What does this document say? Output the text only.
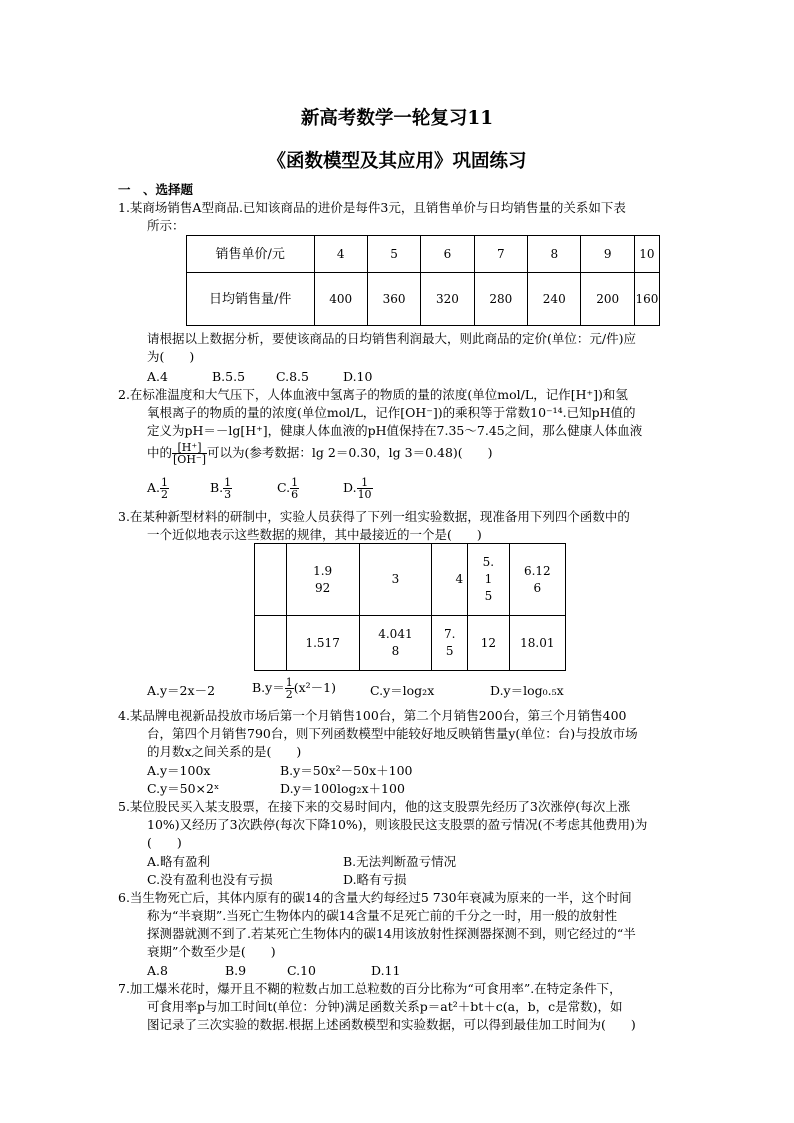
新高考数学一轮复习11
《函数模型及其应用》巩固练习
一　、选择题
1.某商场销售A型商品.已知该商品的进价是每件3元，且销售单价与日均销售量的关系如下表
所示：
销售单价/元	4	5	6	7	8	9	10
日均销售量/件	400	360	320	280	240	200	160
请根据以上数据分析，要使该商品的日均销售利润最大，则此商品的定价(单位：元/件)应
为(　　)
A.4	B.5.5 C.8.5	D.10
2.在标准温度和大气压下，人体血液中氢离子的物质的量的浓度(单位mol/L，记作[H⁺])和氢
氧根离子的物质的量的浓度(单位mol/L，记作[OH⁻])的乘积等于常数10⁻¹⁴.已知pH值的
定义为pH＝－lg[H⁺]，健康人体血液的pH值保持在7.35～7.45之间，那么健康人体血液
中的 $\frac{[H^+]}{[OH^-]}$ 可以为(参考数据：lg 2＝0.30，lg 3＝0.48)(　　)
A. $\frac{1}{2}$	B. $\frac{1}{3}$	C. $\frac{1}{6}$	D. $\frac{1}{10}$
3.在某种新型材料的研制中，实验人员获得了下列一组实验数据，现准备用下列四个函数中的
一个近似地表示这些数据的规律，其中最接近的一个是(　　)
	1.992	3	4	5.15	6.126
	1.517	4.0418	7.5	12	18.01
A.y＝2x－2	$B.y= \frac{1}{2} (x^2-1)$	C.y＝log₂x	D.y＝log₀.₅x
4.某品牌电视新品投放市场后第一个月销售100台，第二个月销售200台，第三个月销售400
台，第四个月销售790台，则下列函数模型中能较好地反映销售量y(单位：台)与投放市场
的月数x之间关系的是(　　)
A.y＝100x	B.y＝50x²－50x＋100
C.y＝50×2ˣ	D.y＝100log₂x＋100
5.某位股民买入某支股票，在接下来的交易时间内，他的这支股票先经历了3次涨停(每次上涨
10%)又经历了3次跌停(每次下降10%)，则该股民这支股票的盈亏情况(不考虑其他费用)为
(　　)
A.略有盈利	B.无法判断盈亏情况
C.没有盈利也没有亏损	D.略有亏损
6.当生物死亡后，其体内原有的碳14的含量大约每经过5 730年衰减为原来的一半，这个时间
称为“半衰期”.当死亡生物体内的碳14含量不足死亡前的千分之一时，用一般的放射性
探测器就测不到了.若某死亡生物体内的碳14用该放射性探测器探测不到，则它经过的“半
衰期”个数至少是(　　)
A.8	B.9	C.10	D.11
7.加工爆米花时，爆开且不糊的粒数占加工总粒数的百分比称为“可食用率”.在特定条件下，
可食用率p与加工时间t(单位：分钟)满足函数关系p＝at²＋bt＋c(a，b，c是常数)，如
图记录了三次实验的数据.根据上述函数模型和实验数据，可以得到最佳加工时间为(　　)
